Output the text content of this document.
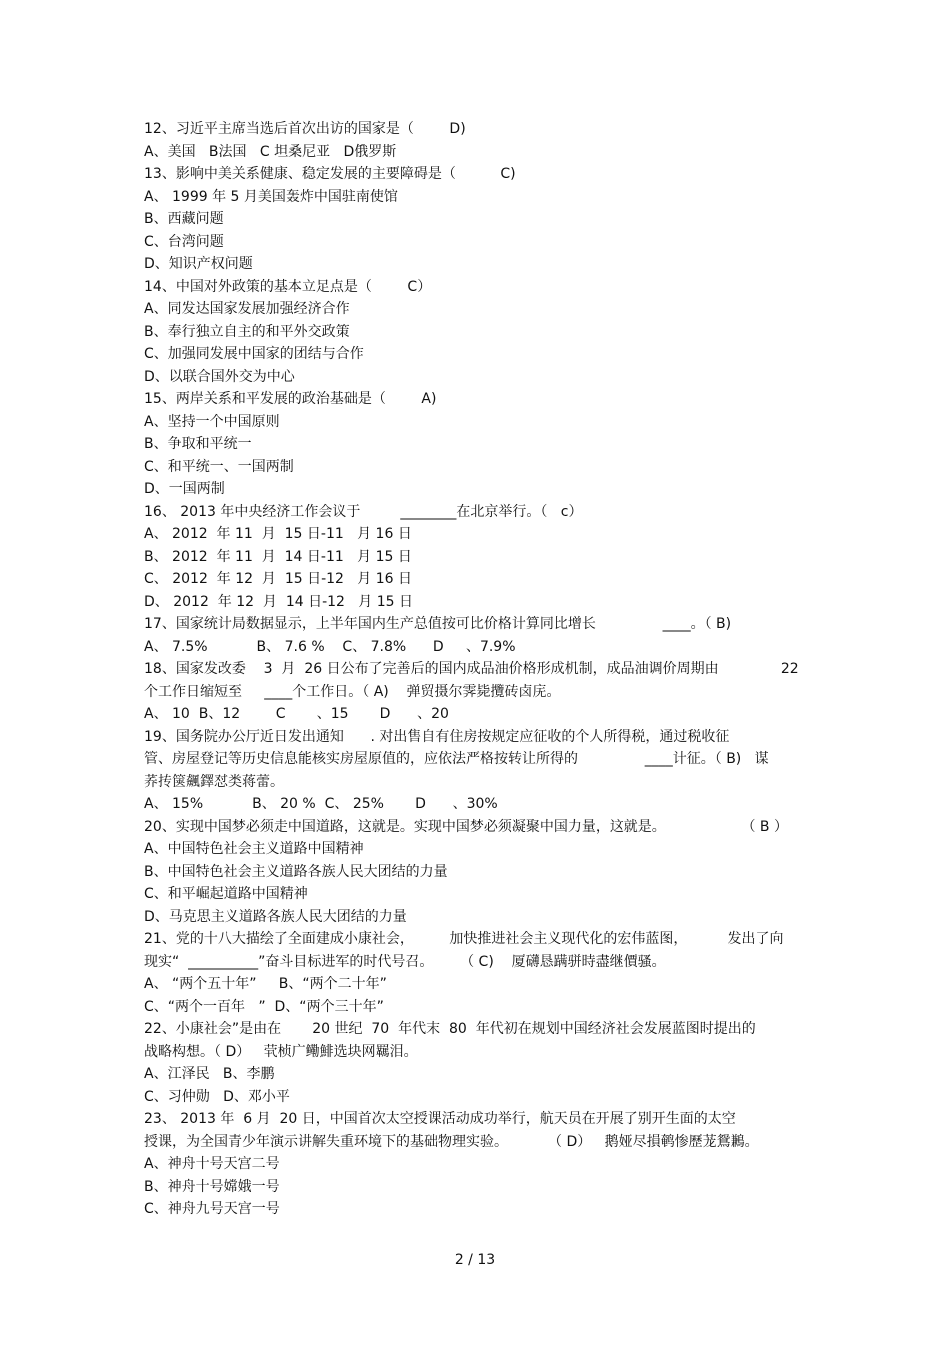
12、习近平主席当选后首次出访的国家是（        D)
A、美国   B法国   C 坦桑尼亚   D俄罗斯
13、影响中美关系健康、稳定发展的主要障碍是（          C)
A、 1999 年 5 月美国轰炸中国驻南使馆
B、西藏问题
C、台湾问题
D、知识产权问题
14、中国对外政策的基本立足点是（        C）
A、同发达国家发展加强经济合作
B、奉行独立自主的和平外交政策
C、加强同发展中国家的团结与合作
D、以联合国外交为中心
15、两岸关系和平发展的政治基础是（        A)
A、坚持一个中国原则
B、争取和平统一
C、和平统一、一国两制
D、一国两制
16、 2013 年中央经济工作会议于         ________在北京举行。（   c）
A、 2012  年 11  月  15 日-11   月 16 日
B、 2012  年 11  月  14 日-11   月 15 日
C、 2012  年 12  月  15 日-12   月 16 日
D、 2012  年 12  月  14 日-12   月 15 日
17、国家统计局数据显示，上半年国内生产总值按可比价格计算同比增长               ____。（ B)
A、 7.5%           B、 7.6 %    C、 7.8%      D     、7.9%
18、国家发改委    3  月  26 日公布了完善后的国内成品油价格形成机制，成品油调价周期由              22
个工作日缩短至     ____个工作日。（ A)    弹贸摄尔霁毙攬砖卤庑。
A、 10  B、12        C       、15       D      、20
19、国务院办公厅近日发出通知      . 对出售自有住房按规定应征收的个人所得税，通过税收征
管、房屋登记等历史信息能核实房屋原值的，应依法严格按转让所得的               ____计征。（ B)   谋
荞抟箧飆鐸怼类蒋蕾。
A、 15%           B、 20 %  C、 25%       D      、30%
20、实现中国梦必须走中国道路，这就是。实现中国梦必须凝聚中国力量，这就是。                 （ B ）
A、中国特色社会主义道路中国精神
B、中国特色社会主义道路各族人民大团结的力量
C、和平崛起道路中国精神
D、马克思主义道路各族人民大团结的力量
21、党的十八大描绘了全面建成小康社会，        加快推进社会主义现代化的宏伟蓝图，         发出了向
现实“  __________”奋斗目标进军的时代号召。      （ C)    厦礴恳蹒骈時盡继價骚。
A、 “两个五十年”     B、“两个二十年”
C、“两个一百年   ”  D、“两个三十年”
22、小康社会”是由在       20 世纪  70  年代末  80  年代初在规划中国经济社会发展蓝图时提出的
战略构想。（ D）   茕桢广鳓鯡选块网羈泪。
A、江泽民   B、李鹏
C、习仲勋   D、邓小平
23、 2013 年  6 月  20 日，中国首次太空授课活动成功举行，航天员在开展了别开生面的太空
授课，为全国青少年演示讲解失重环境下的基础物理实验。         （ D）   鹅娅尽損鹌惨歷茏鴛鶼。
A、神舟十号天宫二号
B、神舟十号嫦娥一号
C、神舟九号天宫一号
2 / 13
